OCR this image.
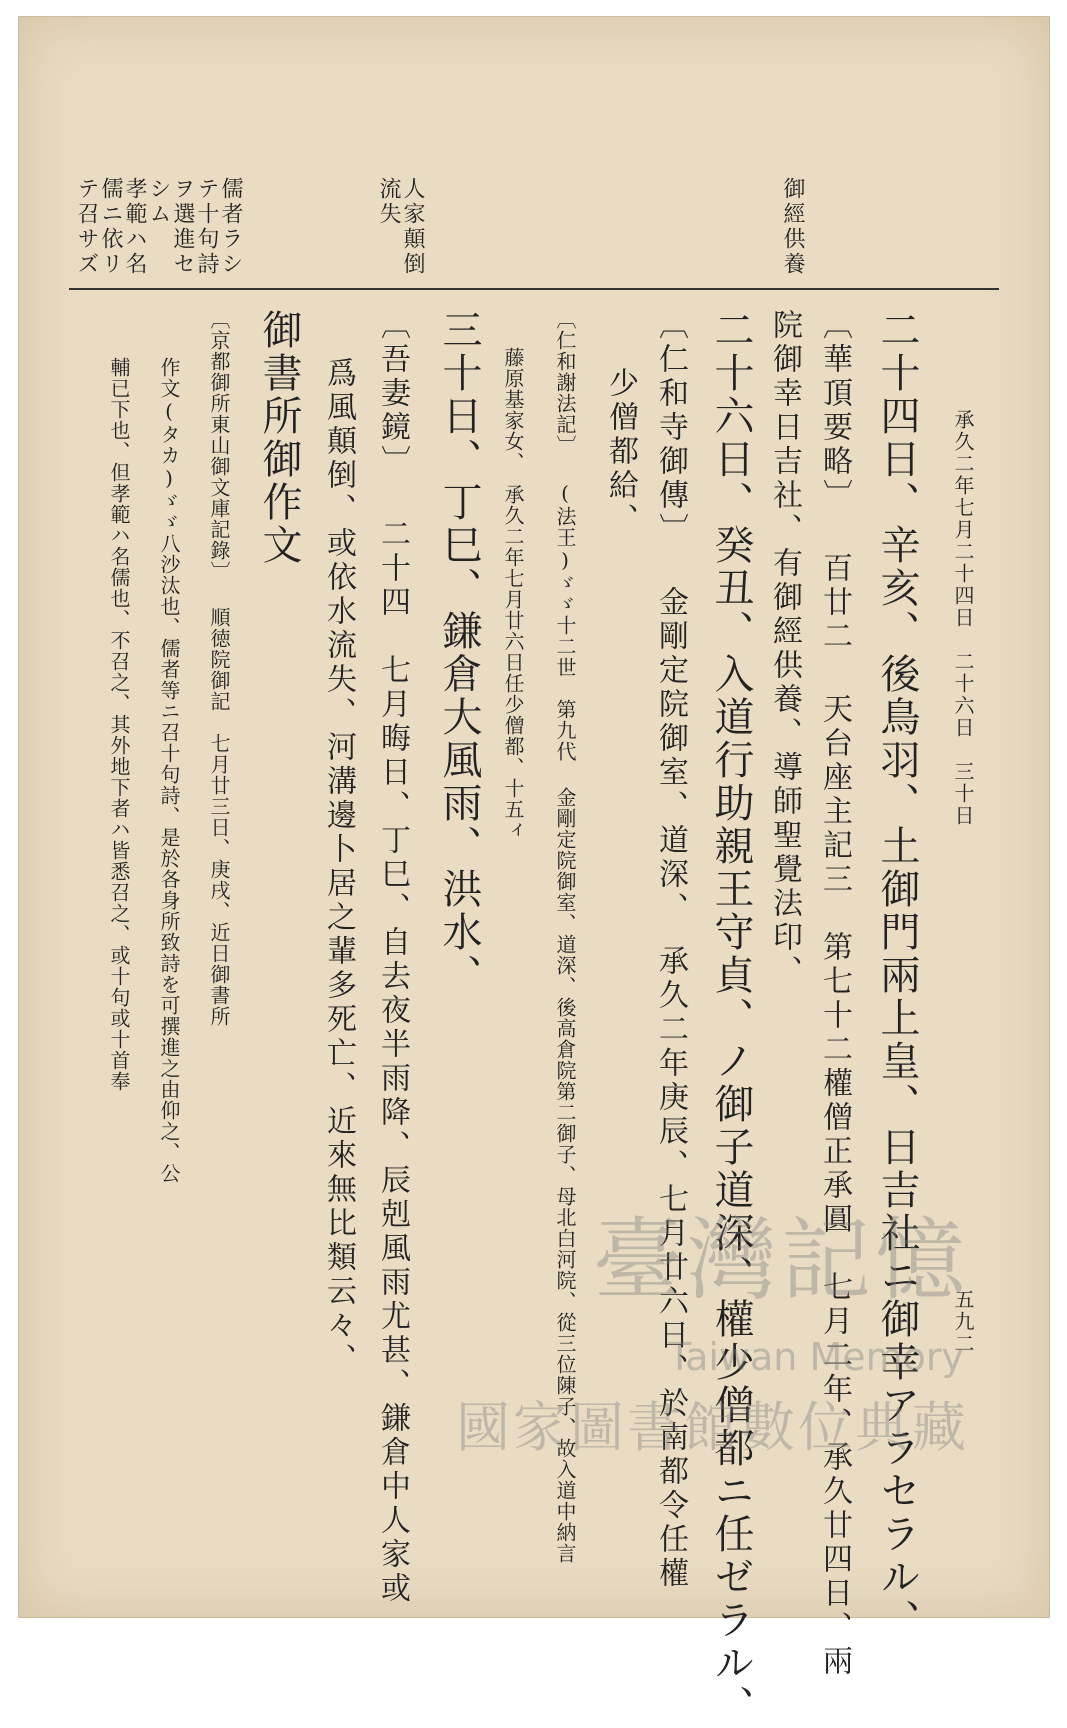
承久二年七月二十四日　二十六日　三十日
五九二
御經供養
人家顛倒
流失
儒者ラシ
テ十句詩
ヲ選進セ
シム
孝範ハ名
儒ニ依リ
テ召サズ
二十四日、辛亥、後鳥羽、土御門兩上皇、日吉社ニ御幸アラセラル、
〔華頂要略〕 百廿二 天台座主記三　第七十二權僧正承圓　七月二年、承久廿四日、兩
院御幸日吉社、有御經供養、導師聖覺法印、
二十六日、癸丑、入道行助親王守貞、ノ御子道深、權少僧都ニ任ゼラル、
〔仁和寺御傳〕 金剛定院御室、道深、　承久二年庚辰、七月廿六日、於南都令任權
少僧都給、
〔仁和謝法記〕 (法王)ゞゞ十二世　第九代 金剛定院御室、道深、後高倉院第二御子、母北白河院、從三位陳子、故入道中納言
藤原基家女、　承久二年七月廿六日任少僧都、十五ィ
三十日、丁巳、鎌倉大風雨、洪水、
〔吾妻鏡〕 二十四　七月晦日、丁巳、自去夜半雨降、辰剋風雨尤甚、鎌倉中人家或
爲風顛倒、或依水流失、河溝邊卜居之輩多死亡、近來無比類云々、
御書所御作文
〔京都御所東山御文庫記錄〕 順徳院御記　七月廿三日、庚戌、近日御書所
作文(タカ)ゞゞ八沙汰也、儒者等ニ召十句詩、是於各身所致詩を可撰進之由仰之、公
輔已下也、但孝範ハ名儒也、不召之、其外地下者ハ皆悉召之、或十句或十首奉
臺灣記憶
Taiwan Memory
國家圖書館數位典藏
